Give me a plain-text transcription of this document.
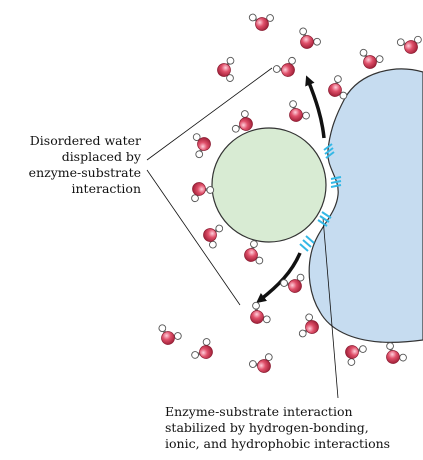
Disordered water
displaced by
enzyme-substrate
interaction

Enzyme-substrate interaction
stabilized by hydrogen-bonding,
ionic, and hydrophobic interactions
